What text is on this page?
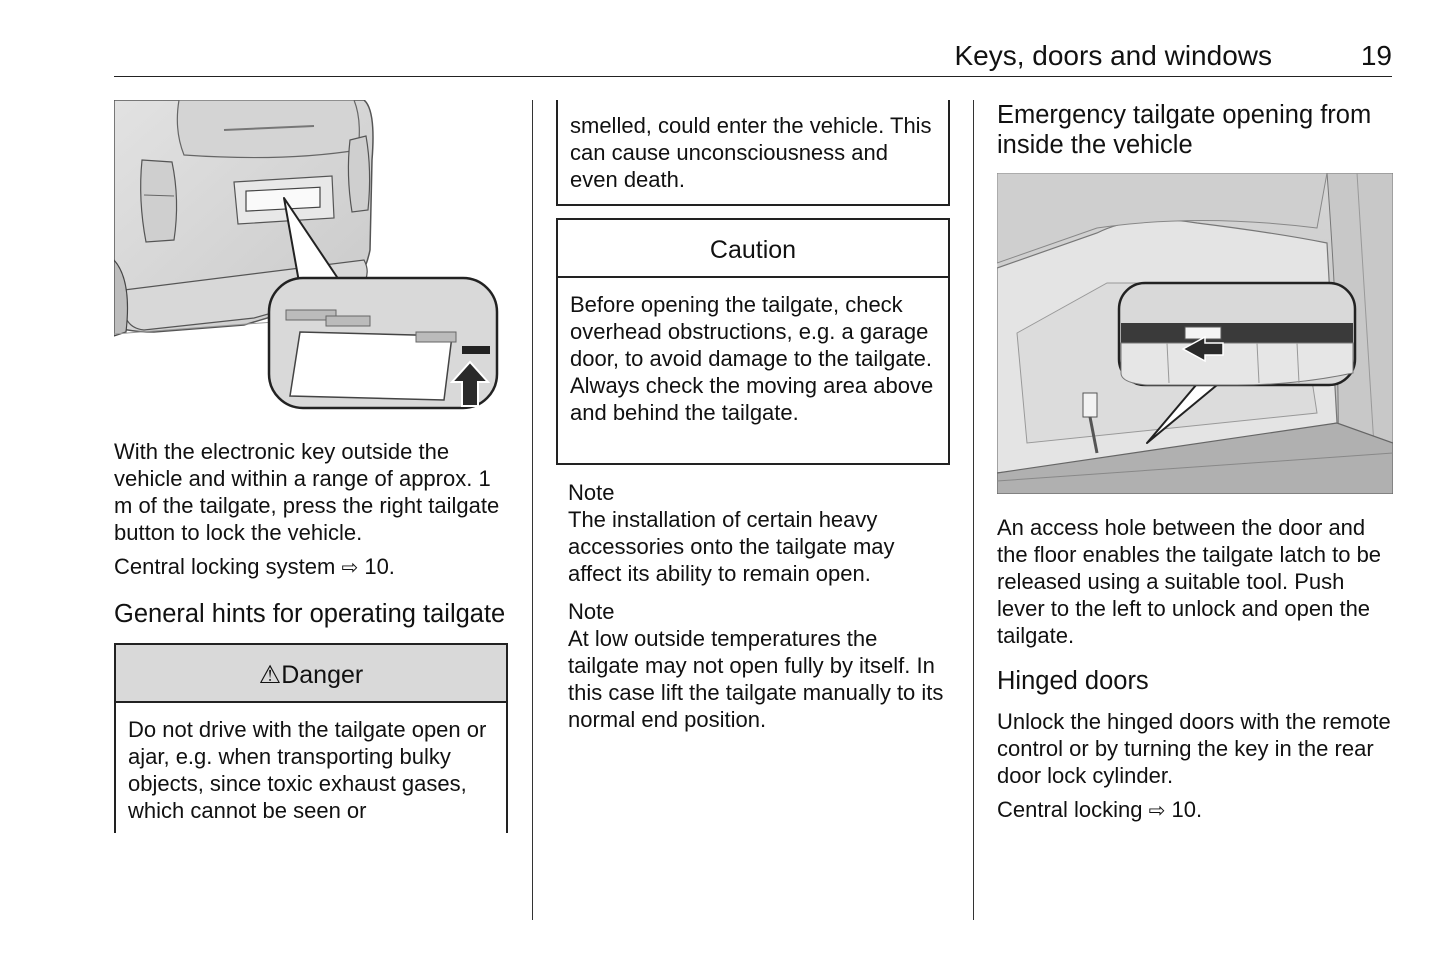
Keys, doors and windows	19

With the electronic key outside the vehicle and within a range of approx. 1 m of the tailgate, press the right tailgate button to lock the vehicle.

Central locking system ⇨ 10.

General hints for operating tailgate
⚠Danger

Do not drive with the tailgate open or ajar, e.g. when transporting bulky objects, since toxic exhaust gases, which cannot be seen or

smelled, could enter the vehicle. This can cause unconsciousness and even death.

Caution

Before opening the tailgate, check overhead obstructions, e.g. a garage door, to avoid damage to the tailgate. Always check the moving area above and behind the tailgate.

Note

The installation of certain heavy accessories onto the tailgate may affect its ability to remain open.

Note

At low outside temperatures the tailgate may not open fully by itself. In this case lift the tailgate manually to its normal end position.

Emergency tailgate opening from inside the vehicle

An access hole between the door and the floor enables the tailgate latch to be released using a suitable tool. Push lever to the left to unlock and open the tailgate.

Hinged doors

Unlock the hinged doors with the remote control or by turning the key in the rear door lock cylinder.

Central locking ⇨ 10.
